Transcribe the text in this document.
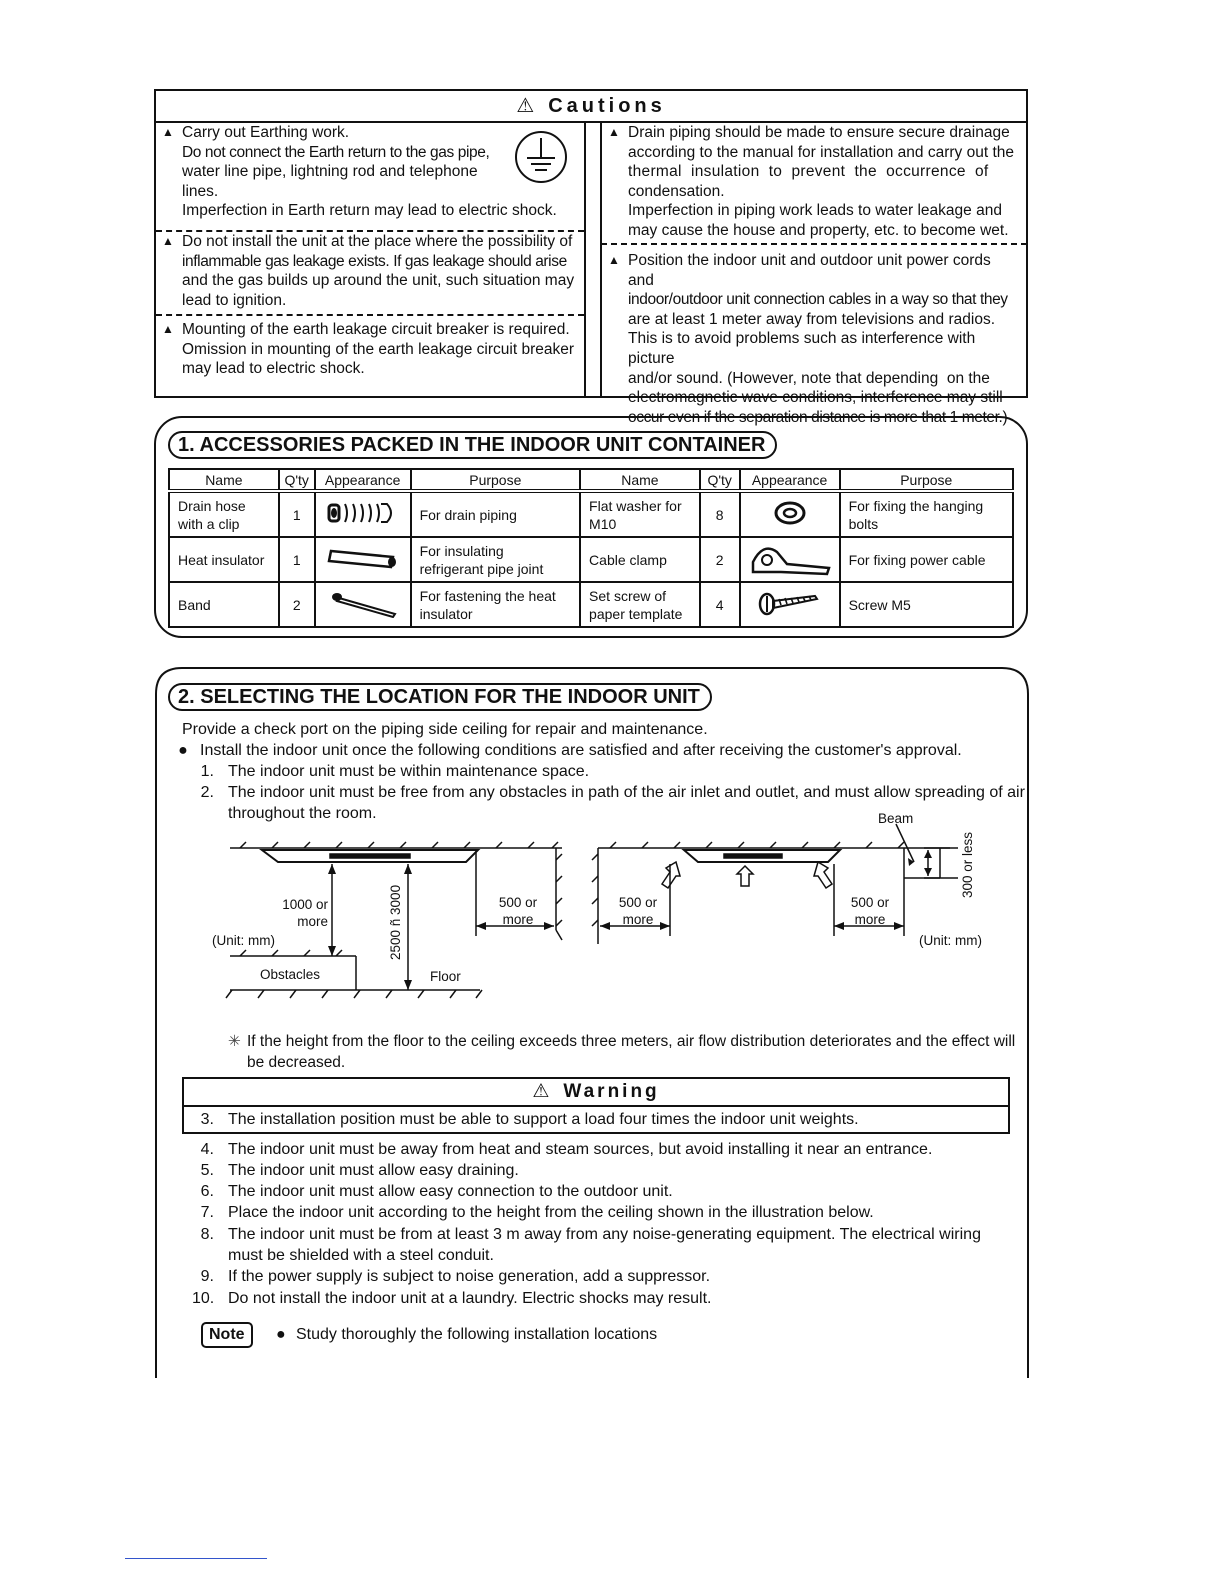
⚠ Cautions
▲ Carry out Earthing work.
Do not connect the Earth return to the gas pipe,
water line pipe, lightning rod and telephone
lines.
Imperfection in Earth return may lead to electric shock.
▲ Do not install the unit at the place where the possibility of
inflammable gas leakage exists. If gas leakage should arise
and the gas builds up around the unit, such situation may
lead to ignition.
▲ Mounting of the earth leakage circuit breaker is required.
Omission in mounting of the earth leakage circuit breaker
may lead to electric shock.
▲ Drain piping should be made to ensure secure drainage
according to the manual for installation and carry out the
thermal  insulation  to  prevent  the  occurrence  of
condensation.
Imperfection in piping work leads to water leakage and
may cause the house and property, etc. to become wet.
▲ Position the indoor unit and outdoor unit power cords and
indoor/outdoor unit connection cables in a way so that they
are at least 1 meter away from televisions and radios.
This is to avoid problems such as interference with picture
and/or sound. (However, note that depending  on the
electromagnetic wave conditions, interference may still
occur even if the separation distance is more that 1 meter.)
1. ACCESSORIES PACKED IN THE INDOOR UNIT CONTAINER
Name	Q'ty	Appearance	Purpose	Name	Q'ty	Appearance	Purpose
Drain hose with a clip	1		For drain piping	Flat washer for M10	8		For fixing the hanging bolts
Heat insulator	1		For insulating refrigerant pipe joint	Cable clamp	2		For fixing power cable
Band	2		For fastening the heat insulator	Set screw of paper template	4		Screw M5
2. SELECTING THE LOCATION FOR THE INDOOR UNIT
Provide a check port on the piping side ceiling for repair and maintenance.
● Install the indoor unit once the following conditions are satisfied and after receiving the customer's approval.
1. The indoor unit must be within maintenance space.
2. The indoor unit must be free from any obstacles in path of the air inlet and outlet, and must allow spreading of air
throughout the room.
1000 or
more
(Unit: mm)	2500 ñ 3000	500 or
more
Obstacles	Floor
Beam
300 or less
500 or
more
500 or
more
(Unit: mm)
✳ If the height from the floor to the ceiling exceeds three meters, air flow distribution deteriorates and the effect will
be decreased.
⚠ Warning
3. The installation position must be able to support a load four times the indoor unit weights.
4. The indoor unit must be away from heat and steam sources, but avoid installing it near an entrance.
5. The indoor unit must allow easy draining.
6. The indoor unit must allow easy connection to the outdoor unit.
7. Place the indoor unit according to the height from the ceiling shown in the illustration below.
8. The indoor unit must be from at least 3 m away from any noise-generating equipment. The electrical wiring
must be shielded with a steel conduit.
9. If the power supply is subject to noise generation, add a suppressor.
10. Do not install the indoor unit at a laundry. Electric shocks may result.
Note	● Study thoroughly the following installation locations
